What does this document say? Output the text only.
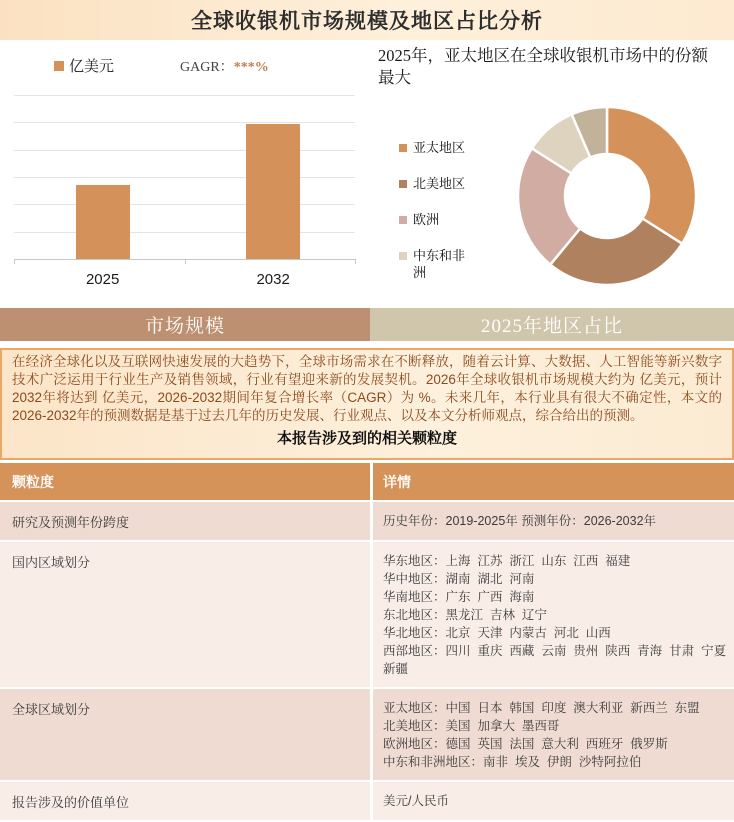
全球收银机市场规模及地区占比分析
亿美元	GAGR：***%
2025	2032
2025年，亚太地区在全球收银机市场中的份额最大
亚太地区
北美地区
欧洲
中东和非洲
市场规模	2025年地区占比

在经济全球化以及互联网快速发展的大趋势下，全球市场需求在不断释放，随着云计算、大数据、人工智能等新兴数字技术广泛运用于行业生产及销售领域，行业有望迎来新的发展契机。2026年全球收银机市场规模大约为 亿美元，预计2032年将达到 亿美元，2026-2032期间年复合增长率（CAGR）为 %。未来几年，本行业具有很大不确定性，本文的2026-2032年的预测数据是基于过去几年的历史发展、行业观点、以及本文分析师观点，综合给出的预测。

本报告涉及到的相关颗粒度
颗粒度	详情
研究及预测年份跨度	历史年份：2019-2025年 预测年份：2026-2032年
国内区域划分	华东地区：上海  江苏  浙江  山东  江西  福建
华中地区：湖南  湖北  河南
华南地区：广东  广西  海南
东北地区：黑龙江  吉林  辽宁
华北地区：北京  天津  内蒙古  河北  山西
西部地区：四川  重庆  西藏  云南  贵州  陕西  青海  甘肃  宁夏  新疆
全球区域划分	亚太地区：中国  日本  韩国  印度  澳大利亚  新西兰  东盟
北美地区：美国  加拿大  墨西哥
欧洲地区：德国  英国  法国  意大利  西班牙  俄罗斯
中东和非洲地区：南非  埃及  伊朗  沙特阿拉伯
报告涉及的价值单位	美元/人民币
